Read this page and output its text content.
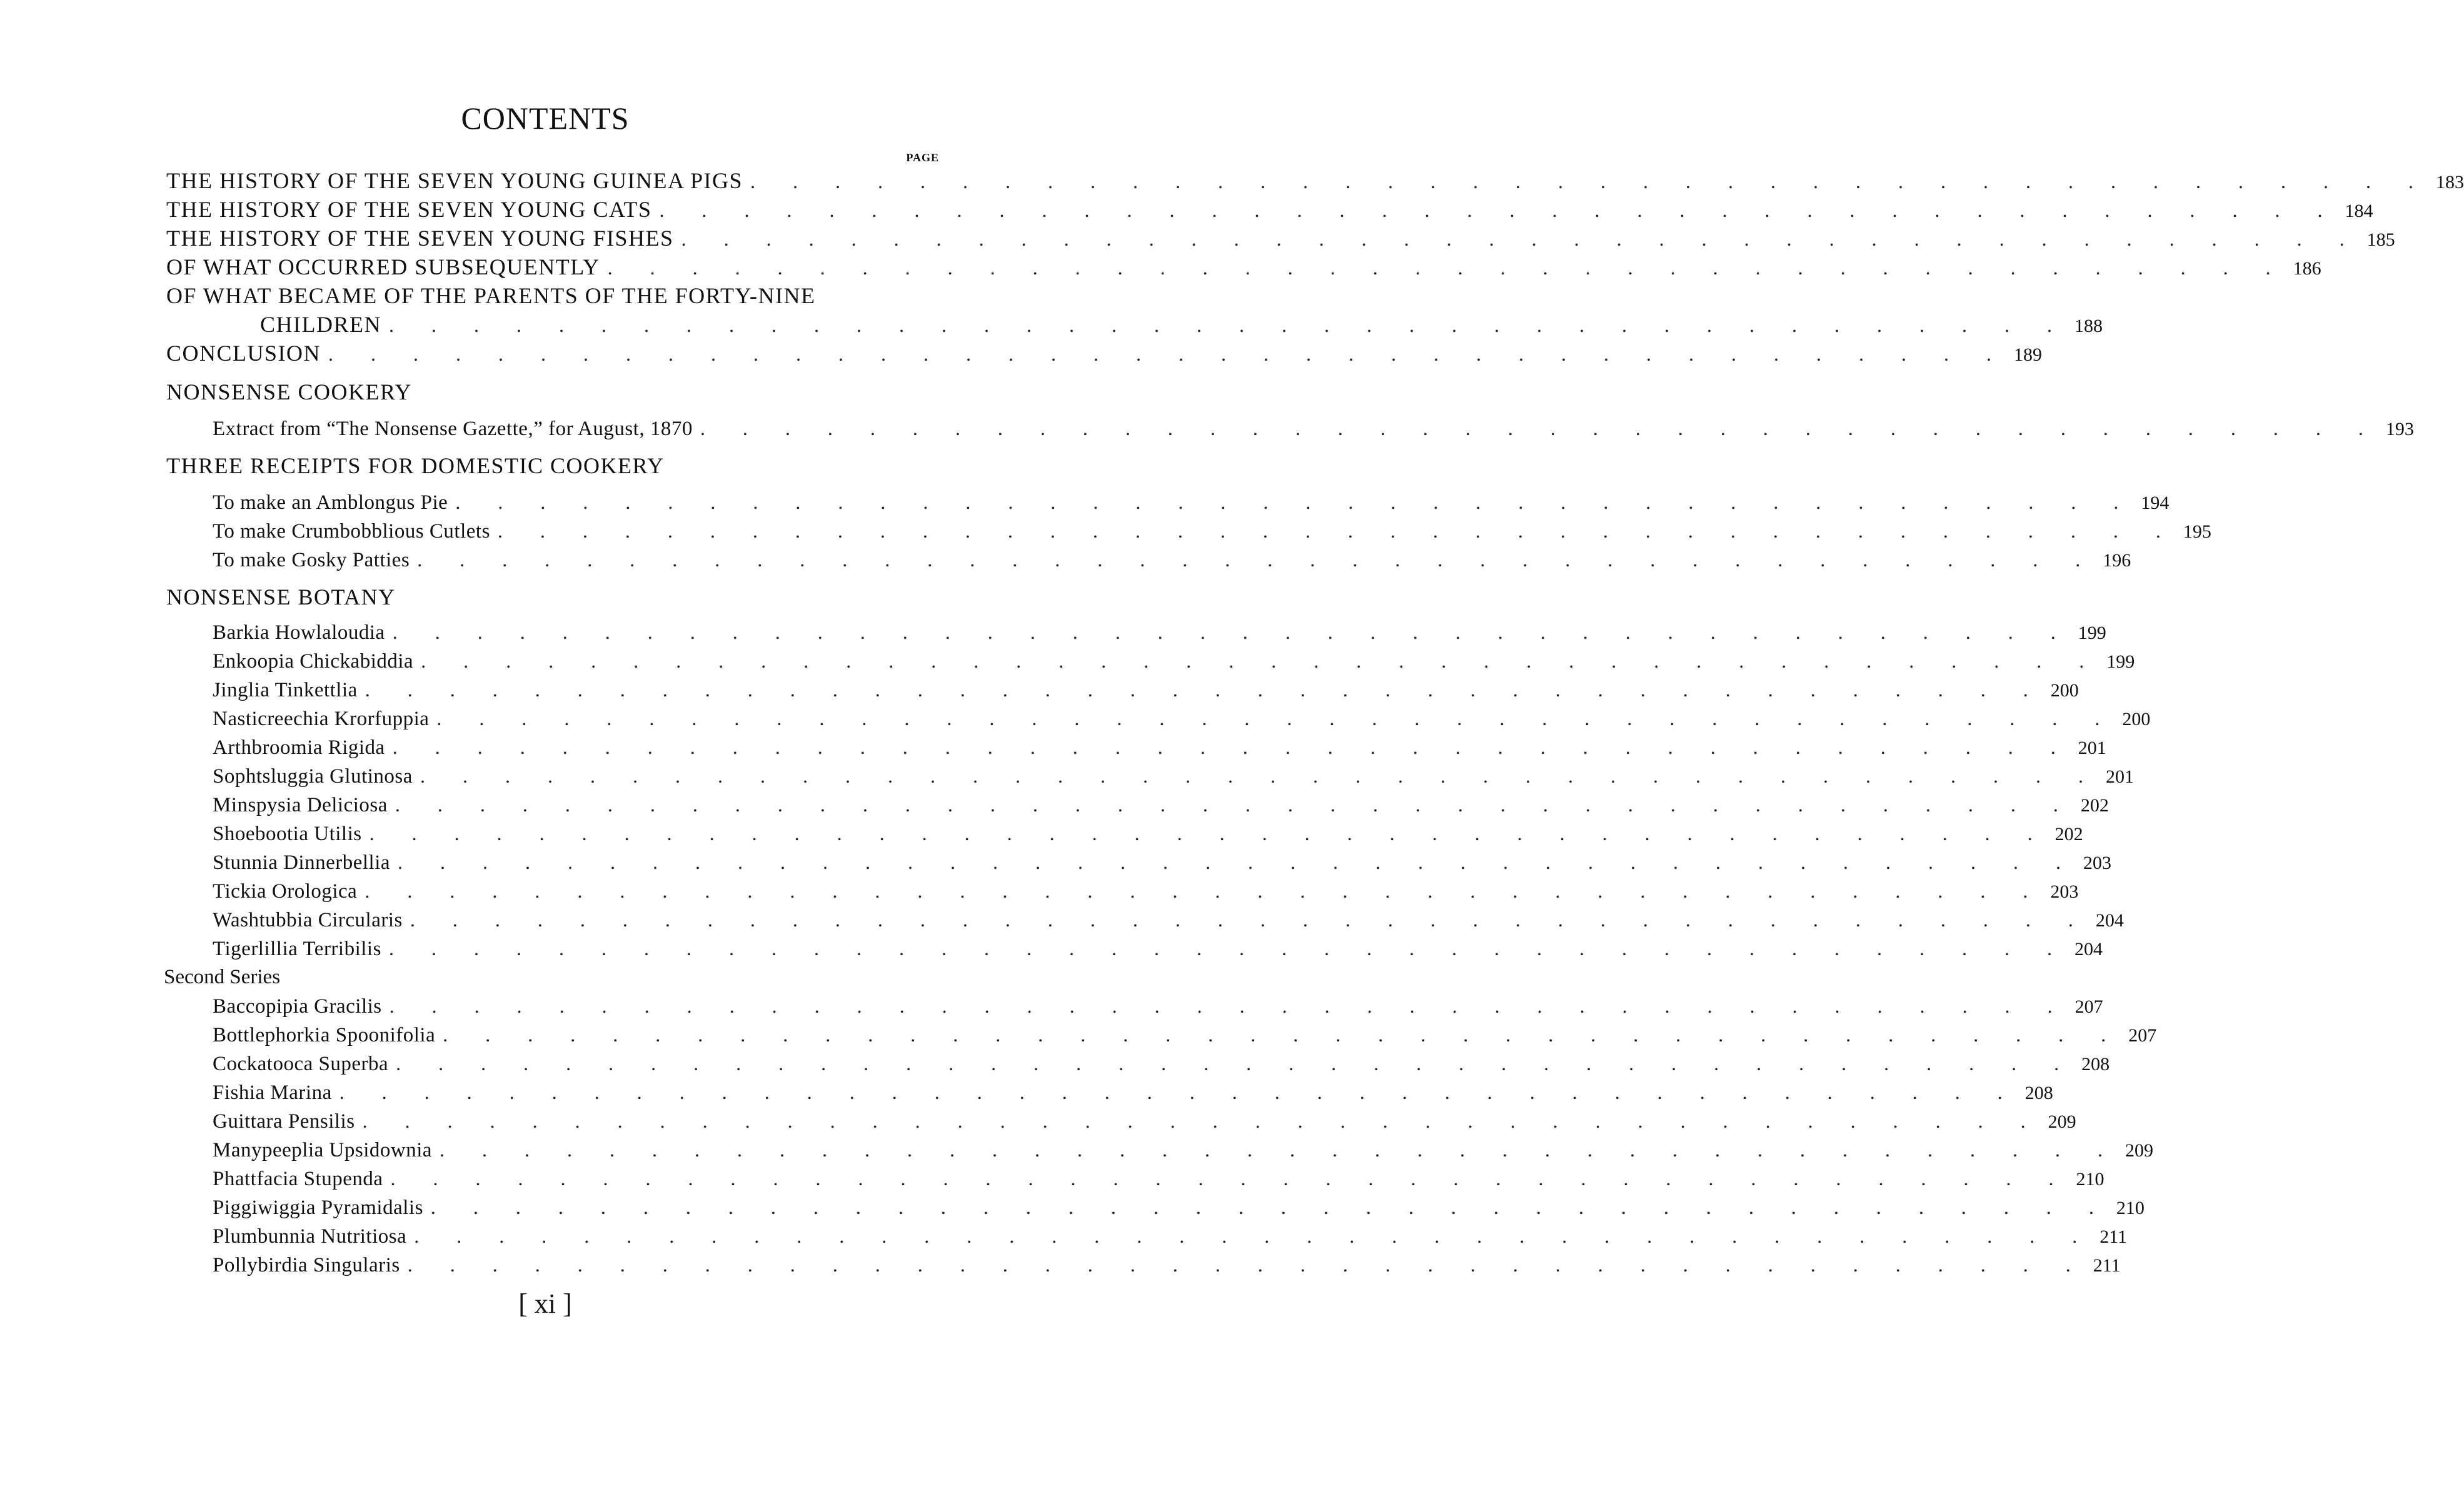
CONTENTS
PAGE
THE HISTORY OF THE SEVEN YOUNG GUINEA PIGS . . . . . . . . . . . . . . . . . . . . . . . . . . . . . . . . . . . . . . . . 183
THE HISTORY OF THE SEVEN YOUNG CATS . . . . . . . . . . . . . . . . . . . . . . . . . . . . . . . . . . . . . . . . 184
THE HISTORY OF THE SEVEN YOUNG FISHES . . . . . . . . . . . . . . . . . . . . . . . . . . . . . . . . . . . . . . . . 185
OF WHAT OCCURRED SUBSEQUENTLY . . . . . . . . . . . . . . . . . . . . . . . . . . . . . . . . . . . . . . . . 186
OF WHAT BECAME OF THE PARENTS OF THE FORTY-NINE
CHILDREN . . . . . . . . . . . . . . . . . . . . . . . . . . . . . . . . . . . . . . . . 188
CONCLUSION . . . . . . . . . . . . . . . . . . . . . . . . . . . . . . . . . . . . . . . . 189
NONSENSE COOKERY
Extract from “The Nonsense Gazette,” for August, 1870 . . . . . . . . . . . . . . . . . . . . . . . . . . . . . . . . . . . . . . . . 193
THREE RECEIPTS FOR DOMESTIC COOKERY
To make an Amblongus Pie . . . . . . . . . . . . . . . . . . . . . . . . . . . . . . . . . . . . . . . . 194
To make Crumbobblious Cutlets . . . . . . . . . . . . . . . . . . . . . . . . . . . . . . . . . . . . . . . . 195
To make Gosky Patties . . . . . . . . . . . . . . . . . . . . . . . . . . . . . . . . . . . . . . . . 196
NONSENSE BOTANY
Barkia Howlaloudia . . . . . . . . . . . . . . . . . . . . . . . . . . . . . . . . . . . . . . . . 199
Enkoopia Chickabiddia . . . . . . . . . . . . . . . . . . . . . . . . . . . . . . . . . . . . . . . . 199
Jinglia Tinkettlia . . . . . . . . . . . . . . . . . . . . . . . . . . . . . . . . . . . . . . . . 200
Nasticreechia Krorfuppia . . . . . . . . . . . . . . . . . . . . . . . . . . . . . . . . . . . . . . . . 200
Arthbroomia Rigida . . . . . . . . . . . . . . . . . . . . . . . . . . . . . . . . . . . . . . . . 201
Sophtsluggia Glutinosa . . . . . . . . . . . . . . . . . . . . . . . . . . . . . . . . . . . . . . . . 201
Minspysia Deliciosa . . . . . . . . . . . . . . . . . . . . . . . . . . . . . . . . . . . . . . . . 202
Shoebootia Utilis . . . . . . . . . . . . . . . . . . . . . . . . . . . . . . . . . . . . . . . . 202
Stunnia Dinnerbellia . . . . . . . . . . . . . . . . . . . . . . . . . . . . . . . . . . . . . . . . 203
Tickia Orologica . . . . . . . . . . . . . . . . . . . . . . . . . . . . . . . . . . . . . . . . 203
Washtubbia Circularis . . . . . . . . . . . . . . . . . . . . . . . . . . . . . . . . . . . . . . . . 204
Tigerlillia Terribilis . . . . . . . . . . . . . . . . . . . . . . . . . . . . . . . . . . . . . . . . 204
Second Series
Baccopipia Gracilis . . . . . . . . . . . . . . . . . . . . . . . . . . . . . . . . . . . . . . . . 207
Bottlephorkia Spoonifolia . . . . . . . . . . . . . . . . . . . . . . . . . . . . . . . . . . . . . . . . 207
Cockatooca Superba . . . . . . . . . . . . . . . . . . . . . . . . . . . . . . . . . . . . . . . . 208
Fishia Marina . . . . . . . . . . . . . . . . . . . . . . . . . . . . . . . . . . . . . . . . 208
Guittara Pensilis . . . . . . . . . . . . . . . . . . . . . . . . . . . . . . . . . . . . . . . . 209
Manypeeplia Upsidownia . . . . . . . . . . . . . . . . . . . . . . . . . . . . . . . . . . . . . . . . 209
Phattfacia Stupenda . . . . . . . . . . . . . . . . . . . . . . . . . . . . . . . . . . . . . . . . 210
Piggiwiggia Pyramidalis . . . . . . . . . . . . . . . . . . . . . . . . . . . . . . . . . . . . . . . . 210
Plumbunnia Nutritiosa . . . . . . . . . . . . . . . . . . . . . . . . . . . . . . . . . . . . . . . . 211
Pollybirdia Singularis . . . . . . . . . . . . . . . . . . . . . . . . . . . . . . . . . . . . . . . . 211
[ xi ]
